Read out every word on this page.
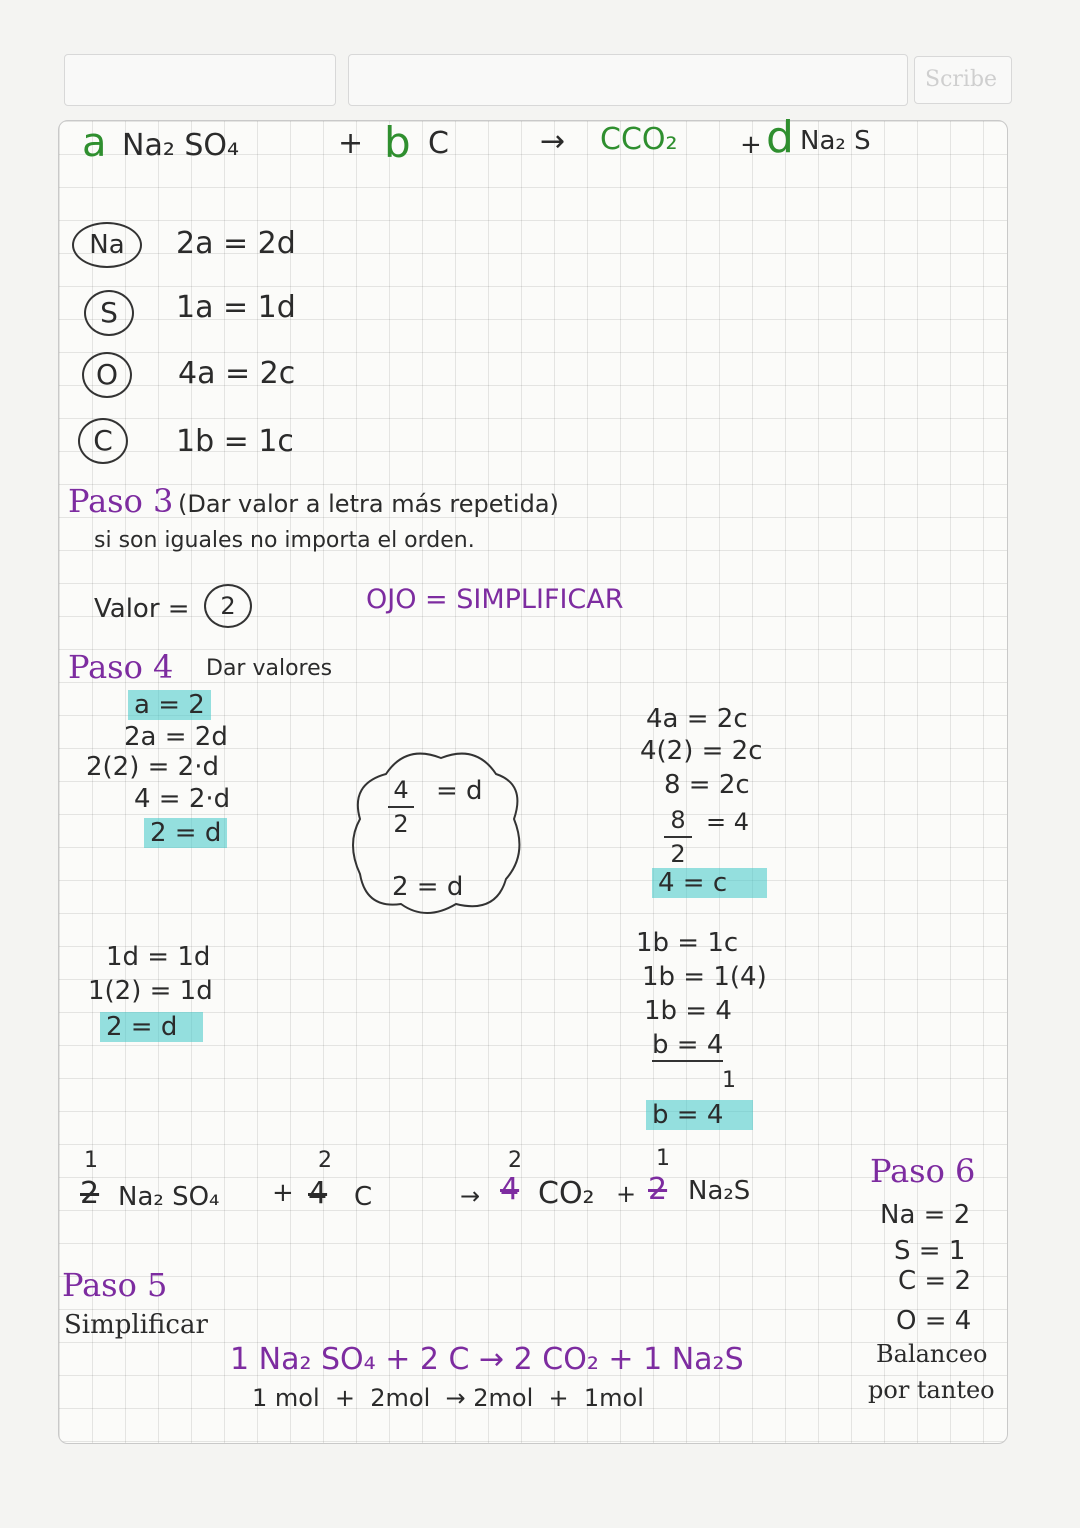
Scribe
a Na₂ SO₄	+ b C	→ CCO₂ + d Na₂ S
Na	2a = 2d
S	1a = 1d
O	4a = 2c
C	1b = 1c
Paso 3 (Dar valor a letra más repetida)
si son iguales no importa el orden.
Valor =	2	OJO = SIMPLIFICAR
Paso 4 Dar valores
a = 2
2a = 2d
2(2) = 2·d
4 = 2·d
2 = d
4
2
= d
2 = d
4a = 2c
4(2) = 2c
8 = 2c
8
2
= 4
4 = c
1d = 1d
1(2) = 1d
2 = d
1b = 1c
1b = 1(4)
1b = 4
b = 4
1
b = 4
1
2 Na₂ SO₄ +
2
4 C	→
2
4 CO₂ +
1
2 Na₂S
Paso 5
Simplificar
1 Na₂ SO₄ + 2 C → 2 CO₂ + 1 Na₂S
1 mol  +  2mol  → 2mol  +  1mol
Paso 6
Na = 2
S = 1
C = 2
O = 4
Balanceo
por tanteo
